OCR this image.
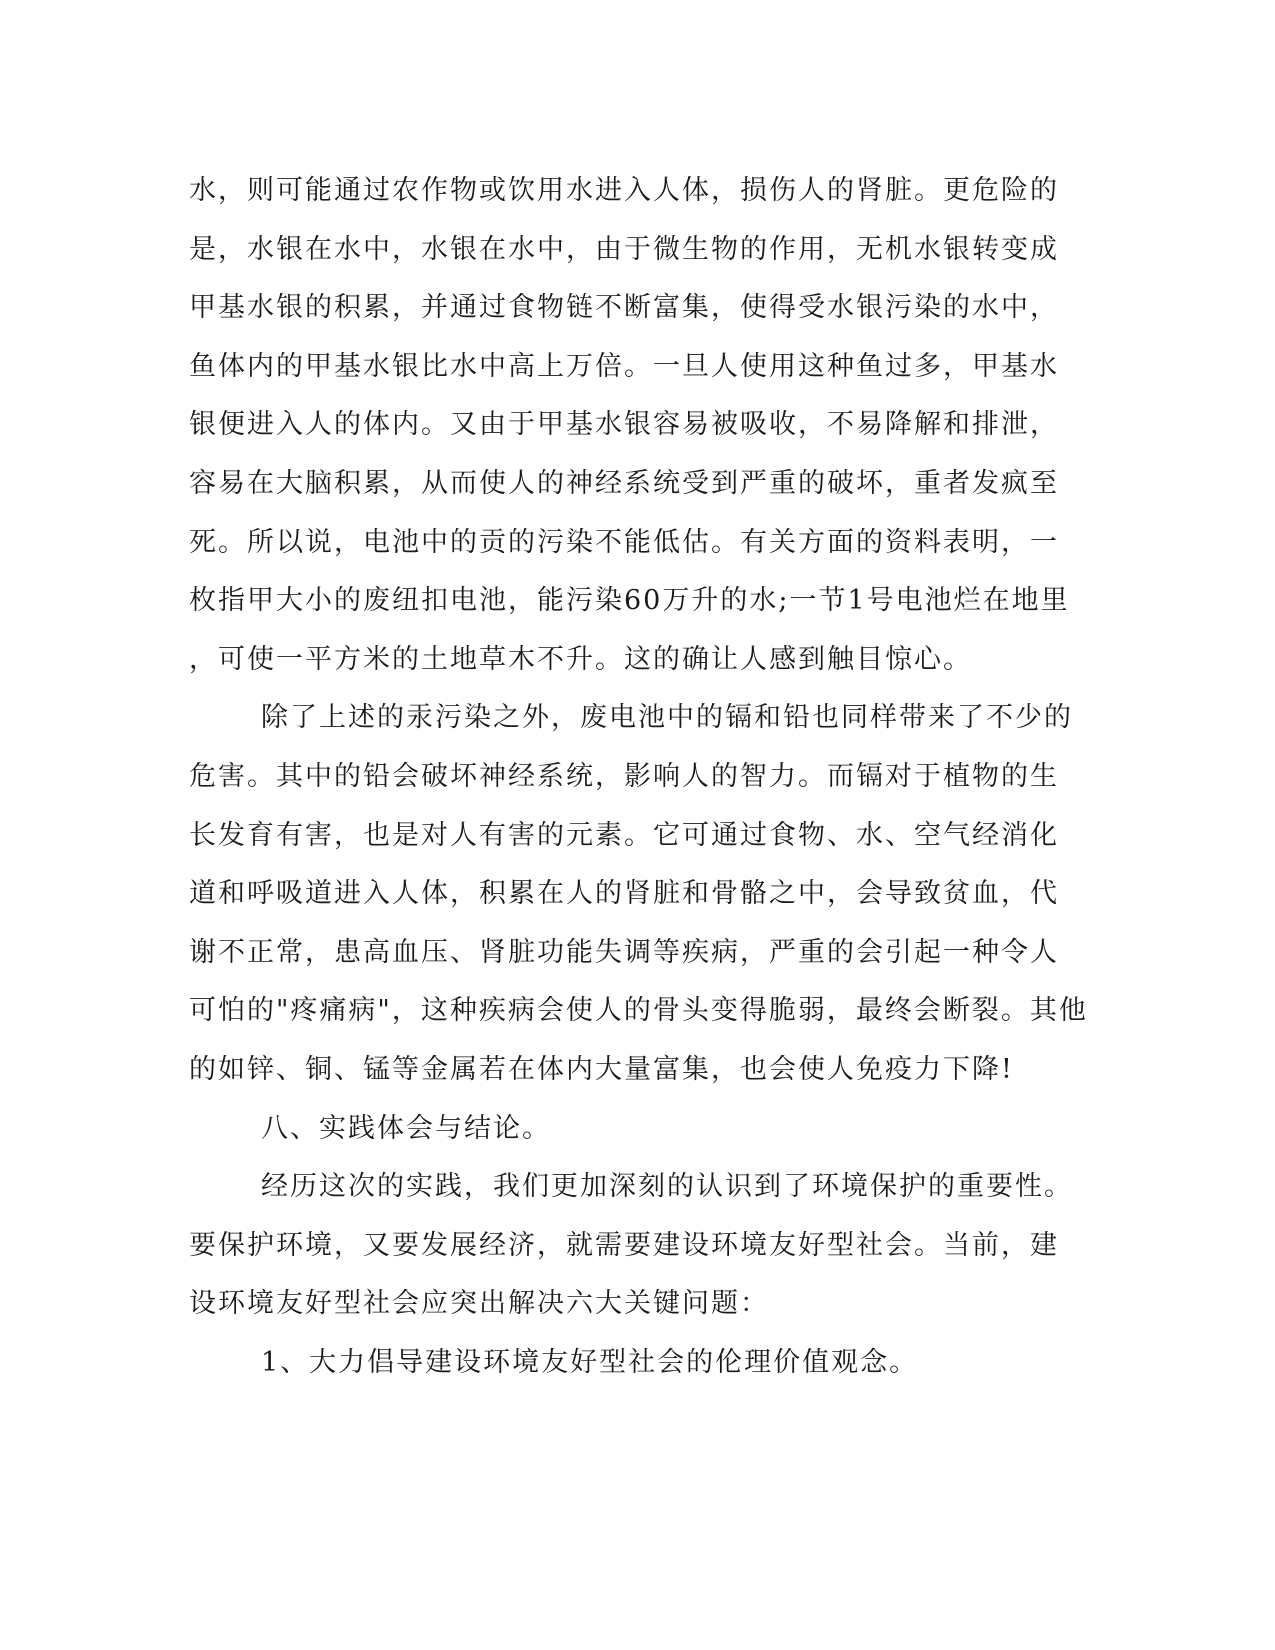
水，则可能通过农作物或饮用水进入人体，损伤人的肾脏。更危险的
是，水银在水中，水银在水中，由于微生物的作用，无机水银转变成
甲基水银的积累，并通过食物链不断富集，使得受水银污染的水中，
鱼体内的甲基水银比水中高上万倍。一旦人使用这种鱼过多，甲基水
银便进入人的体内。又由于甲基水银容易被吸收，不易降解和排泄，
容易在大脑积累，从而使人的神经系统受到严重的破坏，重者发疯至
死。所以说，电池中的贡的污染不能低估。有关方面的资料表明，一
枚指甲大小的废纽扣电池，能污染60万升的水;一节1号电池烂在地里
，可使一平方米的土地草木不升。这的确让人感到触目惊心。
除了上述的汞污染之外，废电池中的镉和铅也同样带来了不少的
危害。其中的铅会破坏神经系统，影响人的智力。而镉对于植物的生
长发育有害，也是对人有害的元素。它可通过食物、水、空气经消化
道和呼吸道进入人体，积累在人的肾脏和骨骼之中，会导致贫血，代
谢不正常，患高血压、肾脏功能失调等疾病，严重的会引起一种令人
可怕的"疼痛病"，这种疾病会使人的骨头变得脆弱，最终会断裂。其他
的如锌、铜、锰等金属若在体内大量富集，也会使人免疫力下降!
八、实践体会与结论。
经历这次的实践，我们更加深刻的认识到了环境保护的重要性。
要保护环境，又要发展经济，就需要建设环境友好型社会。当前，建
设环境友好型社会应突出解决六大关键问题：
1、大力倡导建设环境友好型社会的伦理价值观念。
